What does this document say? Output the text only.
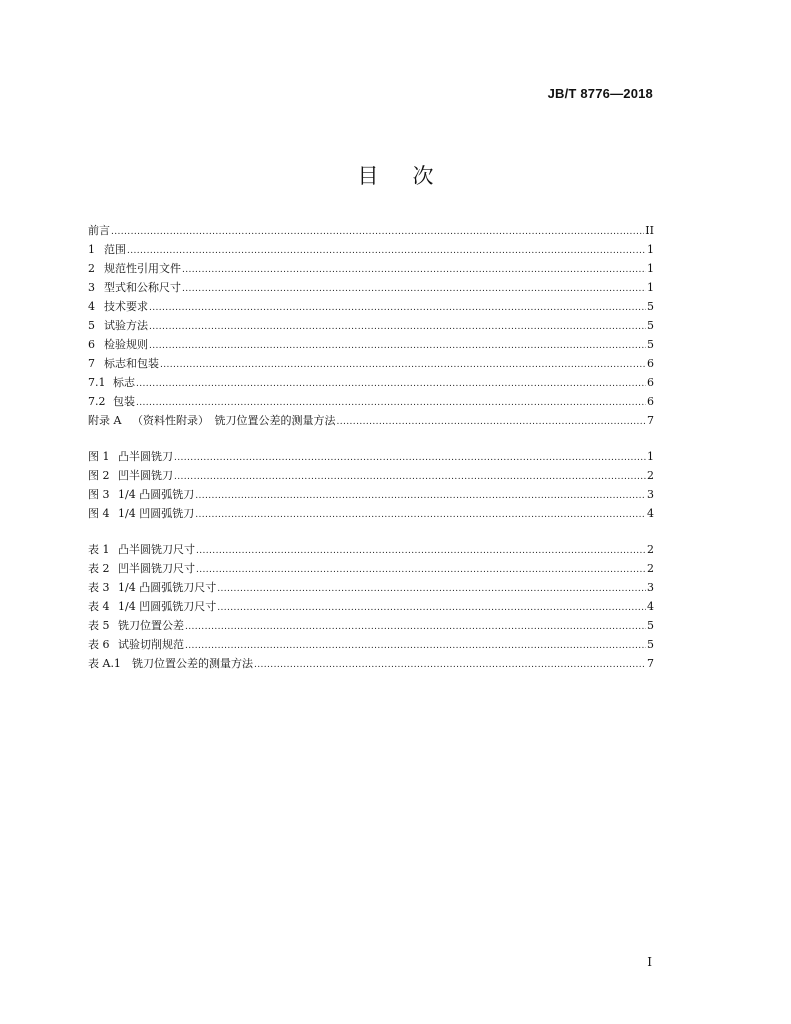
JB/T 8776—2018
目 次
前言 .....	II
1 范围 .....	1
2 规范性引用文件 .....	1
3 型式和公称尺寸 .....	1
4 技术要求 .....	5
5 试验方法 .....	5
6 检验规则 .....	5
7 标志和包装 .....	6
7.1 标志 .....	6
7.2 包装 .....	6
附录 A （资料性附录）　铣刀位置公差的测量方法 .....	7
图 1 凸半圆铣刀 .....	1
图 2 凹半圆铣刀 .....	2
图 3 1/4 凸圆弧铣刀 .....	3
图 4 1/4 凹圆弧铣刀 .....	4
表 1 凸半圆铣刀尺寸 .....	2
表 2 凹半圆铣刀尺寸 .....	2
表 3 1/4 凸圆弧铣刀尺寸 .....	3
表 4 1/4 凹圆弧铣刀尺寸 .....	4
表 5 铣刀位置公差 .....	5
表 6 试验切削规范 .....	5
表 A.1	铣刀位置公差的测量方法 .....	7
I
